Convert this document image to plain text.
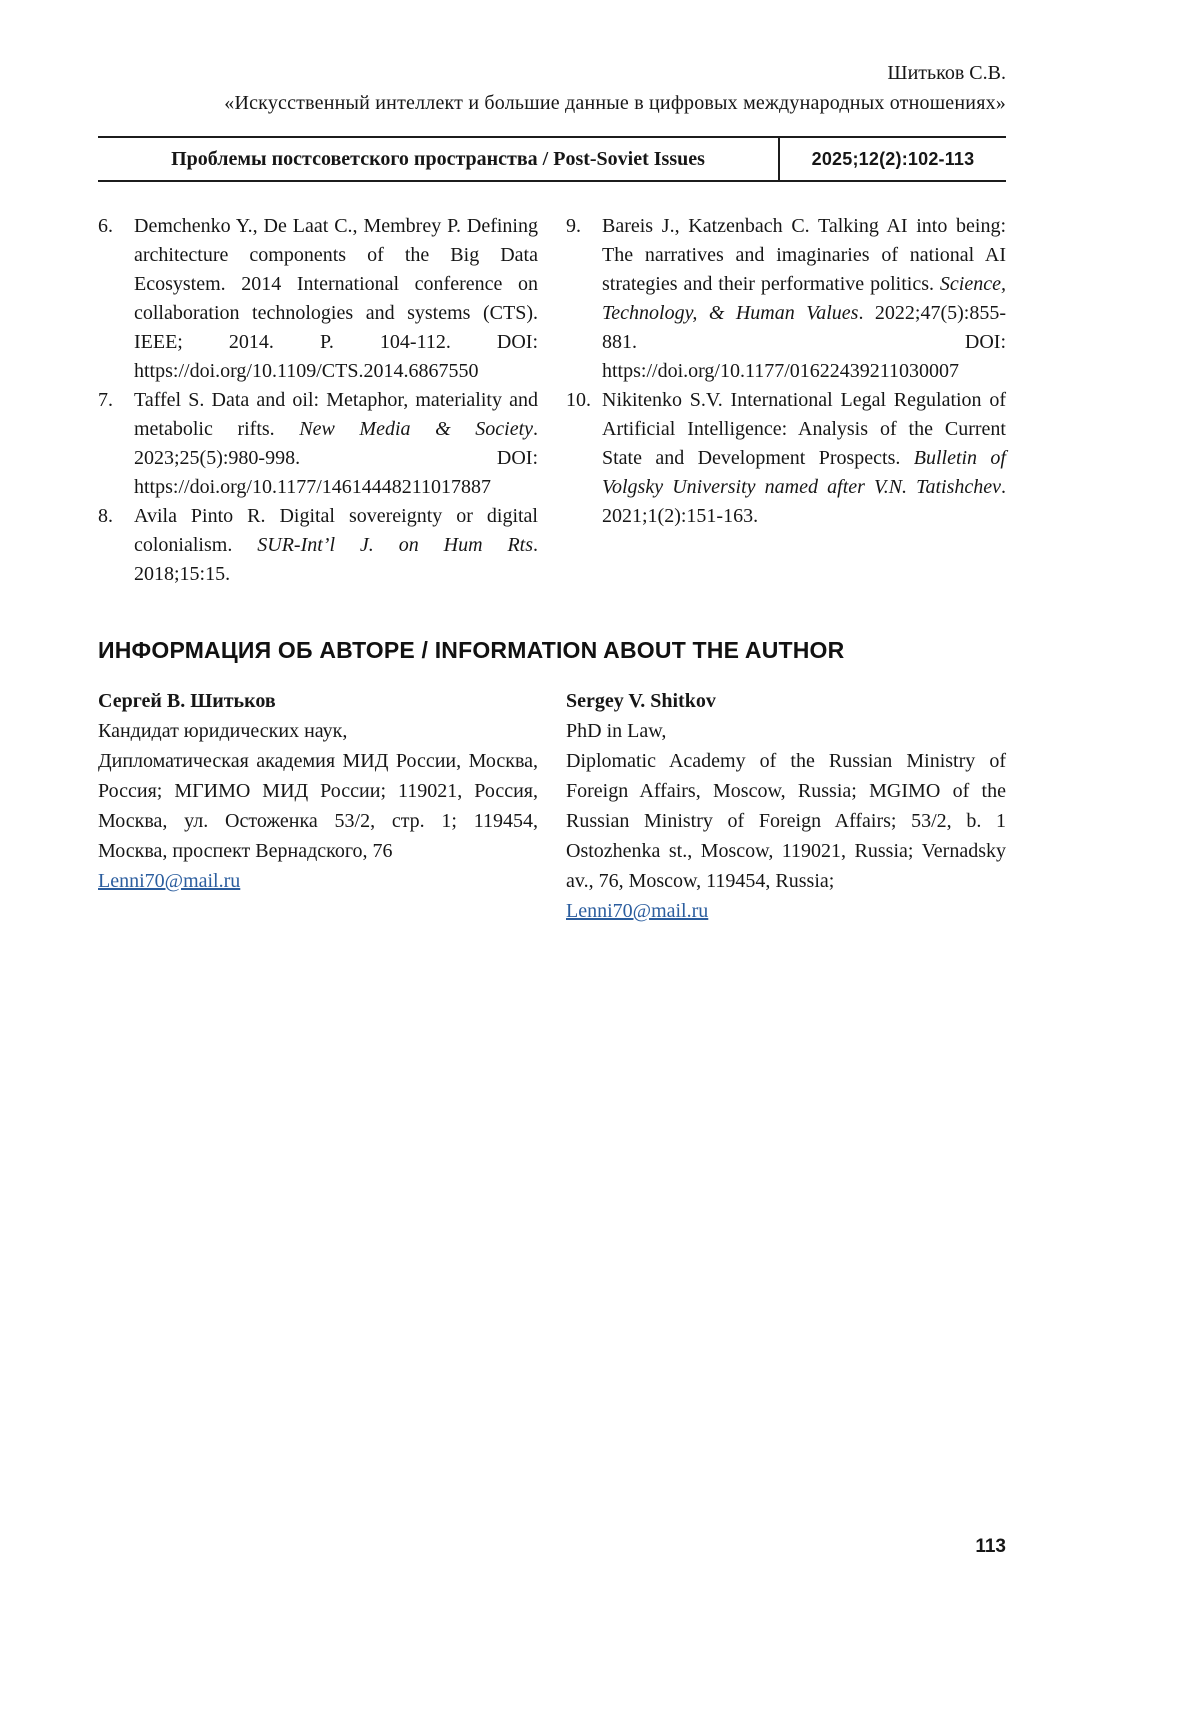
Шитьков С.В.
«Искусственный интеллект и большие данные в цифровых международных отношениях»
Проблемы постсоветского пространства / Post-Soviet Issues	2025;12(2):102-113
6.	Demchenko Y., De Laat C., Membrey P. Defining architecture components of the Big Data Ecosystem. 2014 International conference on collaboration technologies and systems (CTS). IEEE; 2014. P. 104-112. DOI: https://doi.org/10.1109/CTS.2014.6867550
7.	Taffel S. Data and oil: Metaphor, materiality and metabolic rifts. New Media & Society. 2023;25(5):980-998. DOI: https://doi.org/10.1177/14614448211017887
8.	Avila Pinto R. Digital sovereignty or digital colonialism. SUR-Int’l J. on Hum Rts. 2018;15:15.
9.	Bareis J., Katzenbach C. Talking AI into being: The narratives and imaginaries of national AI strategies and their performative politics. Science, Technology, & Human Values. 2022;47(5):855-881. DOI: https://doi.org/10.1177/01622439211030007
10. Nikitenko S.V. International Legal Regulation of Artificial Intelligence: Analysis of the Current State and Development Prospects. Bulletin of Volgsky University named after V.N. Tatishchev. 2021;1(2):151-163.
ИНФОРМАЦИЯ ОБ АВТОРЕ / INFORMATION ABOUT THE AUTHOR
Сергей В. Шитьков
Кандидат юридических наук,
Дипломатическая академия МИД России, Москва, Россия; МГИМО МИД России; 119021, Россия, Москва, ул. Остоженка 53/2, стр. 1; 119454, Москва, проспект Вернадского, 76
Lenni70@mail.ru
Sergey V. Shitkov
PhD in Law,
Diplomatic Academy of the Russian Ministry of Foreign Affairs, Moscow, Russia; MGIMO of the Russian Ministry of Foreign Affairs; 53/2, b. 1 Ostozhenka st., Moscow, 119021, Russia; Vernadsky av., 76, Moscow, 119454, Russia;
Lenni70@mail.ru
113
